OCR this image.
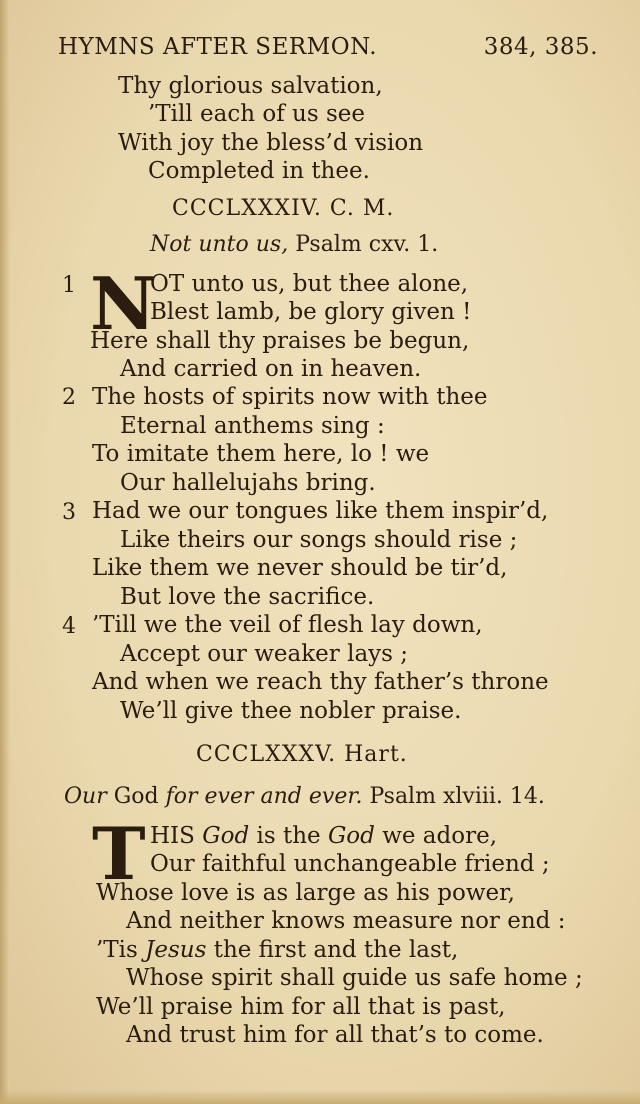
HYMNS AFTER SERMON.	384, 385.
Thy glorious salvation,
’Till each of us see
With joy the bless’d vision
Completed in thee.
CCCLXXXIV. C. M.
Not unto us, Psalm cxv. 1.
1 N
OT unto us, but thee alone,
Blest lamb, be glory given !
Here shall thy praises be begun,
And carried on in heaven.
2 The hosts of spirits now with thee
Eternal anthems sing :
To imitate them here, lo ! we
Our hallelujahs bring.
3 Had we our tongues like them inspir’d,
Like theirs our songs should rise ;
Like them we never should be tir’d,
But love the sacrifice.
4 ’Till we the veil of flesh lay down,
Accept our weaker lays ;
And when we reach thy father’s throne
We’ll give thee nobler praise.
CCCLXXXV. Hart.
Our God for ever and ever. Psalm xlviii. 14.
T HIS God is the God we adore,
Our faithful unchangeable friend ;
Whose love is as large as his power,
And neither knows measure nor end :
’Tis Jesus the first and the last,
Whose spirit shall guide us safe home ;
We’ll praise him for all that is past,
And trust him for all that’s to come.
